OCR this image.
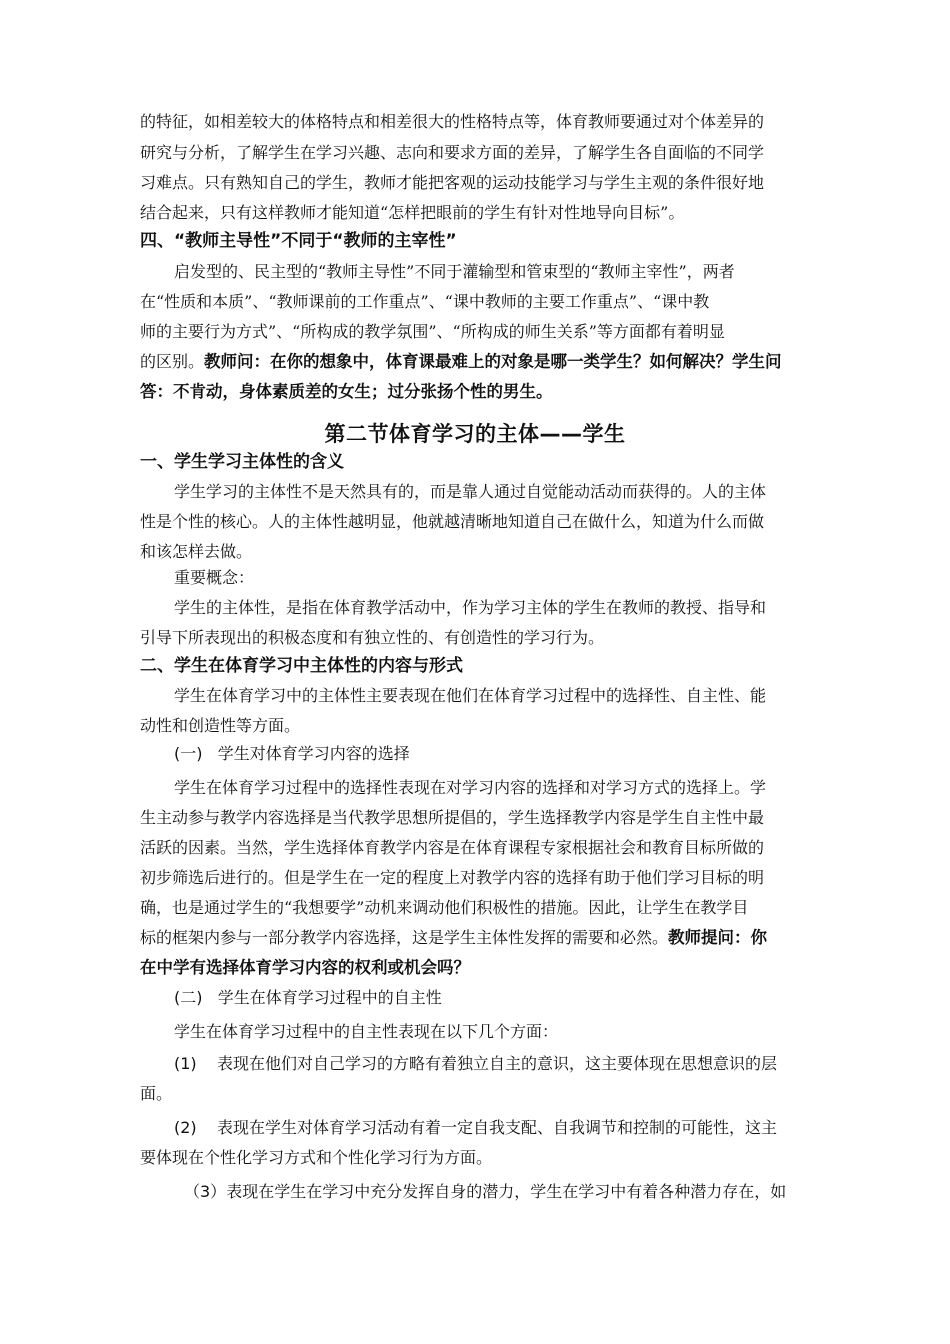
的特征，如相差较大的体格特点和相差很大的性格特点等，体育教师要通过对个体差异的
研究与分析，了解学生在学习兴趣、志向和要求方面的差异，了解学生各自面临的不同学
习难点。只有熟知自己的学生，教师才能把客观的运动技能学习与学生主观的条件很好地
结合起来，只有这样教师才能知道“怎样把眼前的学生有针对性地导向目标”。
四、“教师主导性”不同于“教师的主宰性”
启发型的、民主型的“教师主导性”不同于灌输型和管束型的“教师主宰性”，两者
在“性质和本质”、“教师课前的工作重点”、“课中教师的主要工作重点”、“课中教
师的主要行为方式”、“所构成的教学氛围”、“所构成的师生关系”等方面都有着明显
的区别。教师问：在你的想象中，体育课最难上的对象是哪一类学生？如何解决？学生问
答：不肯动，身体素质差的女生；过分张扬个性的男生。
第二节体育学习的主体——学生
一、学生学习主体性的含义
学生学习的主体性不是天然具有的，而是靠人通过自觉能动活动而获得的。人的主体
性是个性的核心。人的主体性越明显，他就越清晰地知道自己在做什么，知道为什么而做
和该怎样去做。
重要概念：
学生的主体性，是指在体育教学活动中，作为学习主体的学生在教师的教授、指导和
引导下所表现出的积极态度和有独立性的、有创造性的学习行为。
二、学生在体育学习中主体性的内容与形式
学生在体育学习中的主体性主要表现在他们在体育学习过程中的选择性、自主性、能
动性和创造性等方面。
(一) 学生对体育学习内容的选择
学生在体育学习过程中的选择性表现在对学习内容的选择和对学习方式的选择上。学
生主动参与教学内容选择是当代教学思想所提倡的，学生选择教学内容是学生自主性中最
活跃的因素。当然，学生选择体育教学内容是在体育课程专家根据社会和教育目标所做的
初步筛选后进行的。但是学生在一定的程度上对教学内容的选择有助于他们学习目标的明
确，也是通过学生的“我想要学”动机来调动他们积极性的措施。因此，让学生在教学目
标的框架内参与一部分教学内容选择，这是学生主体性发挥的需要和必然。教师提问：你
在中学有选择体育学习内容的权利或机会吗？
(二) 学生在体育学习过程中的自主性
学生在体育学习过程中的自主性表现在以下几个方面：
(1) 表现在他们对自己学习的方略有着独立自主的意识，这主要体现在思想意识的层
面。
(2) 表现在学生对体育学习活动有着一定自我支配、自我调节和控制的可能性，这主
要体现在个性化学习方式和个性化学习行为方面。
（3）表现在学生在学习中充分发挥自身的潜力，学生在学习中有着各种潜力存在，如
